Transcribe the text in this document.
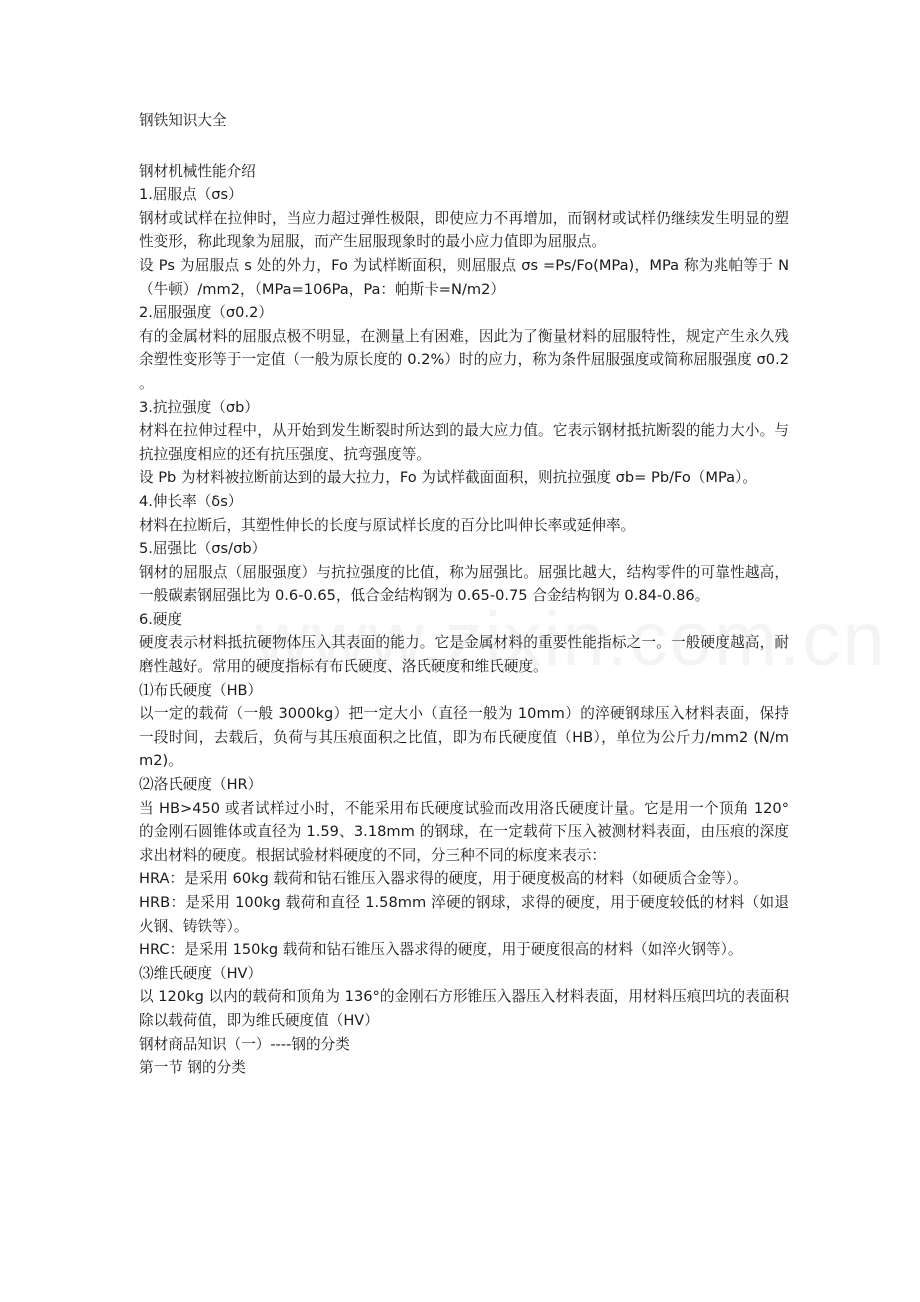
钢铁知识大全

钢材机械性能介绍

1.屈服点（σs）

钢材或试样在拉伸时，当应力超过弹性极限，即使应力不再增加，而钢材或试样仍继续发生明显的塑性变形，称此现象为屈服，而产生屈服现象时的最小应力值即为屈服点。

设 Ps 为屈服点 s 处的外力，Fo 为试样断面积，则屈服点 σs =Ps/Fo(MPa)，MPa 称为兆帕等于 N（牛顿）/mm2，（MPa=106Pa，Pa：帕斯卡=N/m2）

2.屈服强度（σ0.2）

有的金属材料的屈服点极不明显，在测量上有困难，因此为了衡量材料的屈服特性，规定产生永久残余塑性变形等于一定值（一般为原长度的 0.2%）时的应力，称为条件屈服强度或简称屈服强度 σ0.2 。

3.抗拉强度（σb）

材料在拉伸过程中，从开始到发生断裂时所达到的最大应力值。它表示钢材抵抗断裂的能力大小。与抗拉强度相应的还有抗压强度、抗弯强度等。

设 Pb 为材料被拉断前达到的最大拉力，Fo 为试样截面面积，则抗拉强度 σb= Pb/Fo（MPa）。

4.伸长率（δs）

材料在拉断后，其塑性伸长的长度与原试样长度的百分比叫伸长率或延伸率。

5.屈强比（σs/σb）

钢材的屈服点（屈服强度）与抗拉强度的比值，称为屈强比。屈强比越大，结构零件的可靠性越高，一般碳素钢屈强比为 0.6-0.65，低合金结构钢为 0.65-0.75 合金结构钢为 0.84-0.86。

6.硬度

硬度表示材料抵抗硬物体压入其表面的能力。它是金属材料的重要性能指标之一。一般硬度越高，耐磨性越好。常用的硬度指标有布氏硬度、洛氏硬度和维氏硬度。

⑴布氏硬度（HB）

以一定的载荷（一般 3000kg）把一定大小（直径一般为 10mm）的淬硬钢球压入材料表面，保持一段时间，去载后，负荷与其压痕面积之比值，即为布氏硬度值（HB），单位为公斤力/mm2 (N/mm2)。

⑵洛氏硬度（HR）

当 HB>450 或者试样过小时，不能采用布氏硬度试验而改用洛氏硬度计量。它是用一个顶角 120°的金刚石圆锥体或直径为 1.59、3.18mm 的钢球，在一定载荷下压入被测材料表面，由压痕的深度求出材料的硬度。根据试验材料硬度的不同，分三种不同的标度来表示：

HRA：是采用 60kg 载荷和钻石锥压入器求得的硬度，用于硬度极高的材料（如硬质合金等）。

HRB：是采用 100kg 载荷和直径 1.58mm 淬硬的钢球，求得的硬度，用于硬度较低的材料（如退火钢、铸铁等）。

HRC：是采用 150kg 载荷和钻石锥压入器求得的硬度，用于硬度很高的材料（如淬火钢等）。

⑶维氏硬度（HV）

以 120kg 以内的载荷和顶角为 136°的金刚石方形锥压入器压入材料表面，用材料压痕凹坑的表面积除以载荷值，即为维氏硬度值（HV）

钢材商品知识（一）----钢的分类

第一节 钢的分类
